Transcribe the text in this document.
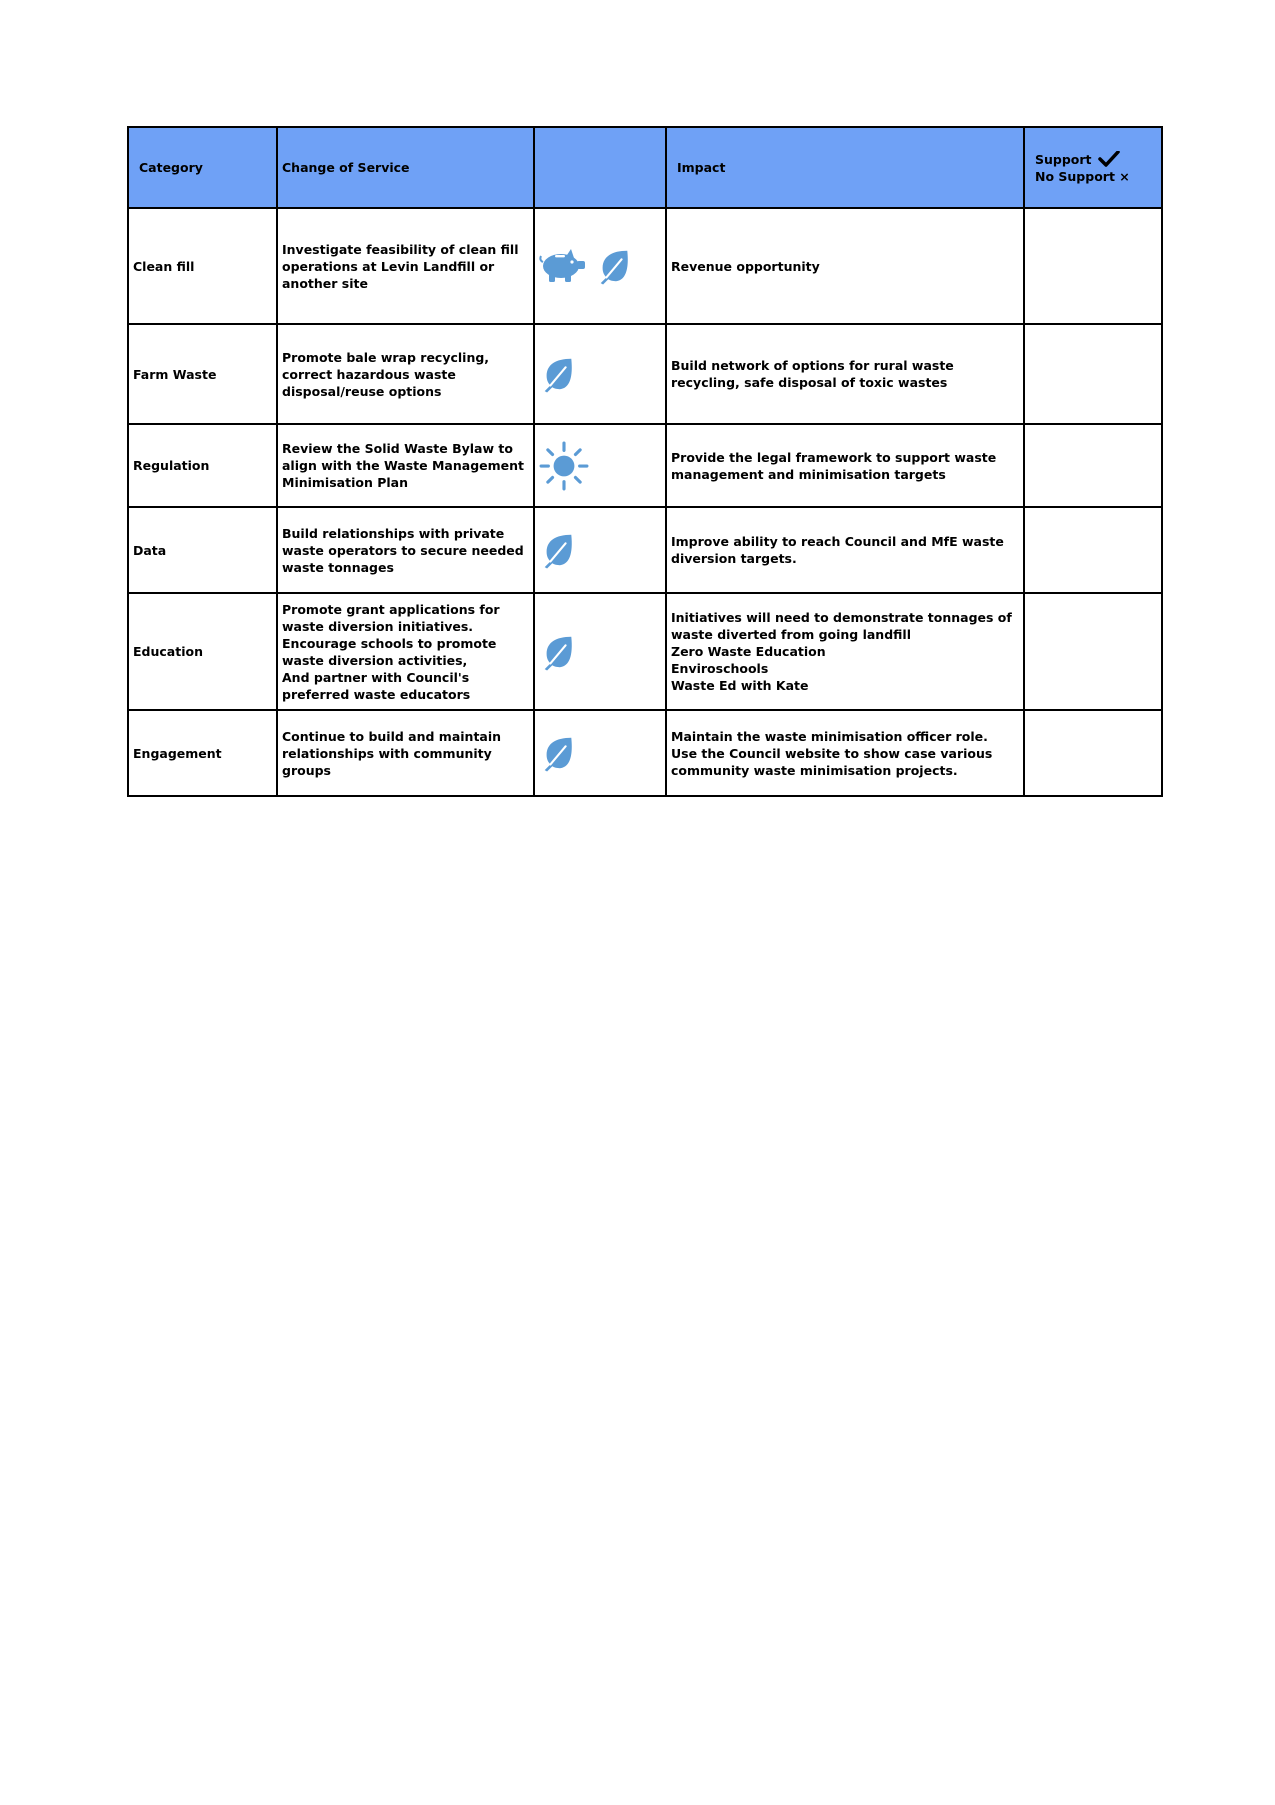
Category	Change of Service		Impact	Support
No Support ×

Clean fill	Investigate feasibility of clean fill operations at Levin Landfill or another site		Revenue opportunity	
Farm Waste	Promote bale wrap recycling, correct hazardous waste disposal/reuse options		Build network of options for rural waste recycling, safe disposal of toxic wastes	
Regulation	Review the Solid Waste Bylaw to align with the Waste Management Minimisation Plan		Provide the legal framework to support waste management and minimisation targets	
Data	Build relationships with private waste operators to secure needed waste tonnages		Improve ability to reach Council and MfE waste diversion targets.	
Education	Promote grant applications for waste diversion initiatives.
Encourage schools to promote waste diversion activities,
And partner with Council's preferred waste educators		Initiatives will need to demonstrate tonnages of waste diverted from going landfill
Zero Waste Education
Enviroschools
Waste Ed with Kate	
Engagement	Continue to build and maintain relationships with community groups		Maintain the waste minimisation officer role.
Use the Council website to show case various community waste minimisation projects.	
